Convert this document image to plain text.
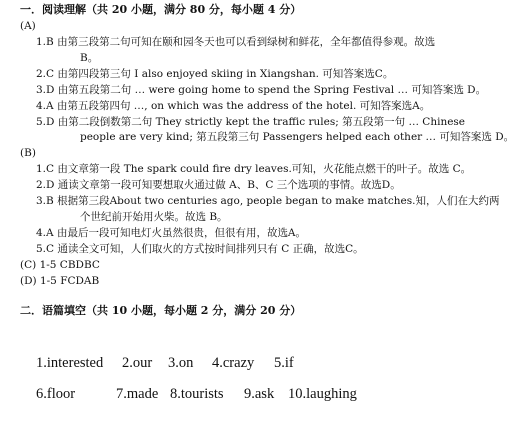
一．阅读理解（共 20 小题，满分 80 分，每小题 4 分）
(A)
1.B 由第三段第二句可知在颐和园冬天也可以看到绿树和鲜花，全年都值得参观。故选
B。
2.C 由第四段第三句 I also enjoyed skiing in Xiangshan. 可知答案选C。
3.D 由第五段第二句 … were going home to spend the Spring Festival … 可知答案选 D。
4.A 由第五段第四句 …, on which was the address of the hotel. 可知答案选A。
5.D 由第二段倒数第二句 They strictly kept the traffic rules; 第五段第一句 … Chinese
people are very kind; 第五段第三句 Passengers helped each other … 可知答案选 D。
(B)
1.C 由文章第一段 The spark could fire dry leaves.可知，火花能点燃干的叶子。故选 C。
2.D 通读文章第一段可知要想取火通过做 A、B、C 三个选项的事情。故选D。
3.B 根据第三段About two centuries ago, people began to make matches.知，人们在大约两
个世纪前开始用火柴。故选 B。
4.A 由最后一段可知电灯火虽然很贵，但很有用，故选A。
5.C 通读全文可知，人们取火的方式按时间排列只有 C 正确，故选C。
(C) 1-5 CBDBC
(D) 1-5 FCDAB
二．语篇填空（共 10 小题，每小题 2 分，满分 20 分）
1.interested 2.our 3.on 4.crazy 5.if
6.floor	7.made 8.tourists 9.ask 10.laughing
